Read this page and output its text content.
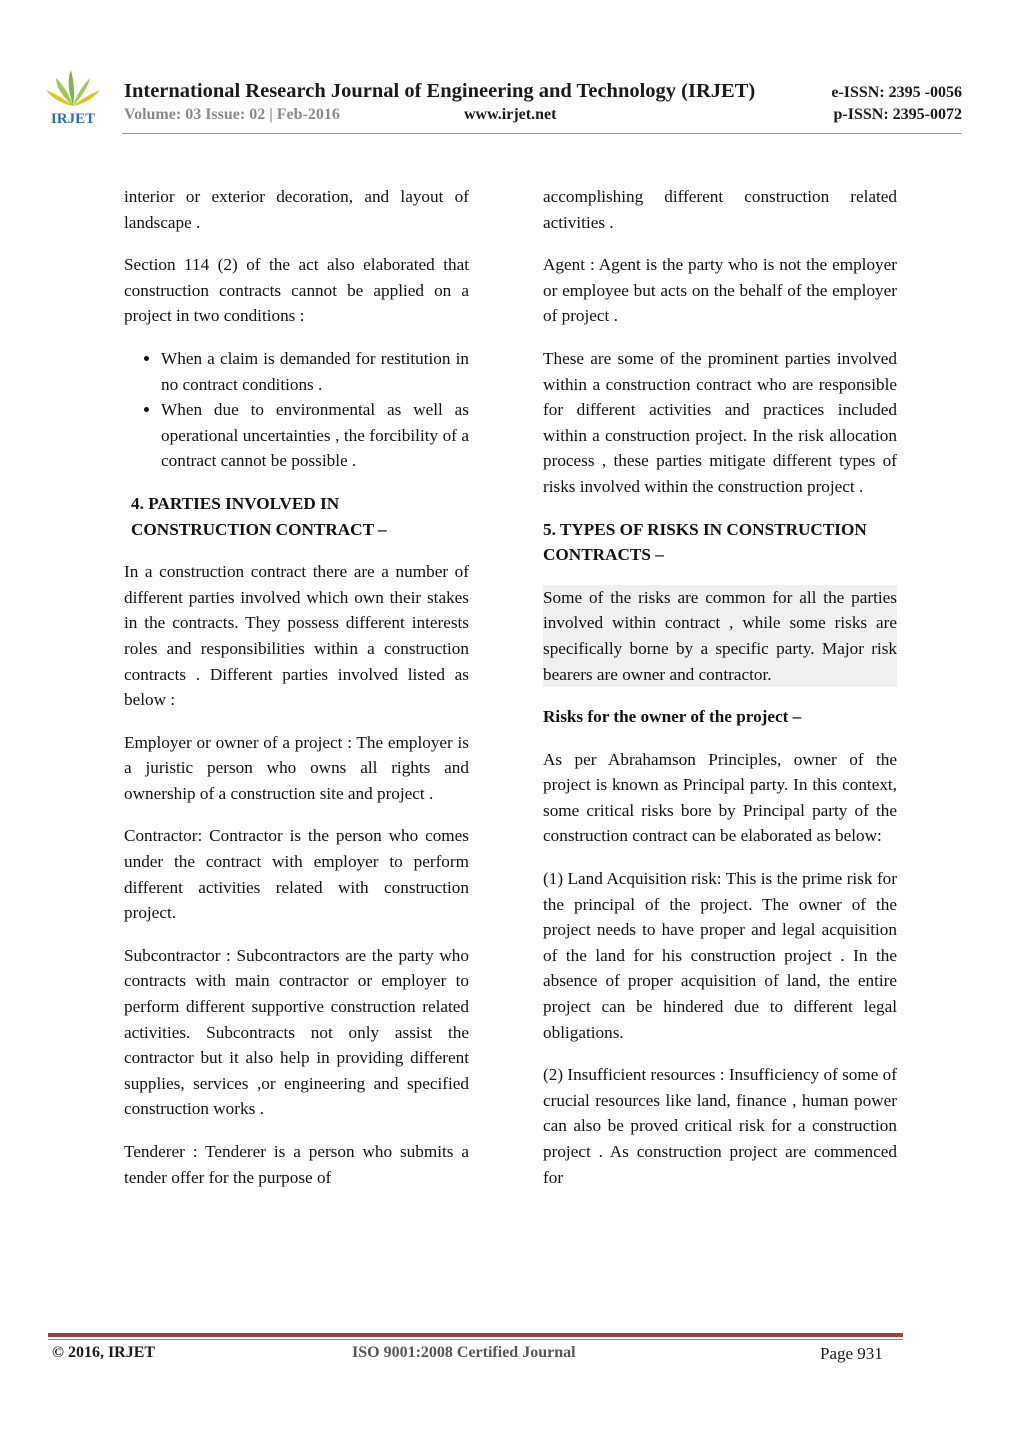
IRJET
International Research Journal of Engineering and Technology (IRJET)
Volume: 03 Issue: 02 | Feb-2016	www.irjet.net
e-ISSN: 2395 -0056
p-ISSN: 2395-0072

interior or exterior decoration, and layout of landscape .

Section 114 (2) of the act also elaborated that construction contracts cannot be applied on a project in two conditions :

• When a claim is demanded for restitution in no contract conditions .
• When due to environmental as well as operational uncertainties , the forcibility of a contract cannot be possible .
4. PARTIES INVOLVED IN CONSTRUCTION CONTRACT –

In a construction contract there are a number of different parties involved which own their stakes in the contracts. They possess different interests roles and responsibilities within a construction contracts . Different parties involved listed as below :

Employer or owner of a project : The employer is a juristic person who owns all rights and ownership of a construction site and project .

Contractor: Contractor is the person who comes under the contract with employer to perform different activities related with construction project.

Subcontractor : Subcontractors are the party who contracts with main contractor or employer to perform different supportive construction related activities. Subcontracts not only assist the contractor but it also help in providing different supplies, services ,or engineering and specified construction works .

Tenderer : Tenderer is a person who submits a tender offer for the purpose of

accomplishing different construction related activities .

Agent : Agent is the party who is not the employer or employee but acts on the behalf of the employer of project .

These are some of the prominent parties involved within a construction contract who are responsible for different activities and practices included within a construction project. In the risk allocation process , these parties mitigate different types of risks involved within the construction project .

5. TYPES OF RISKS IN CONSTRUCTION CONTRACTS –

Some of the risks are common for all the parties involved within contract , while some risks are specifically borne by a specific party. Major risk bearers are owner and contractor.

Risks for the owner of the project –

As per Abrahamson Principles, owner of the project is known as Principal party. In this context, some critical risks bore by Principal party of the construction contract can be elaborated as below:

(1) Land Acquisition risk: This is the prime risk for the principal of the project. The owner of the project needs to have proper and legal acquisition of the land for his construction project . In the absence of proper acquisition of land, the entire project can be hindered due to different legal obligations.

(2) Insufficient resources : Insufficiency of some of crucial resources like land, finance , human power can also be proved critical risk for a construction project . As construction project are commenced for

© 2016, IRJET	ISO 9001:2008 Certified Journal	Page 931
